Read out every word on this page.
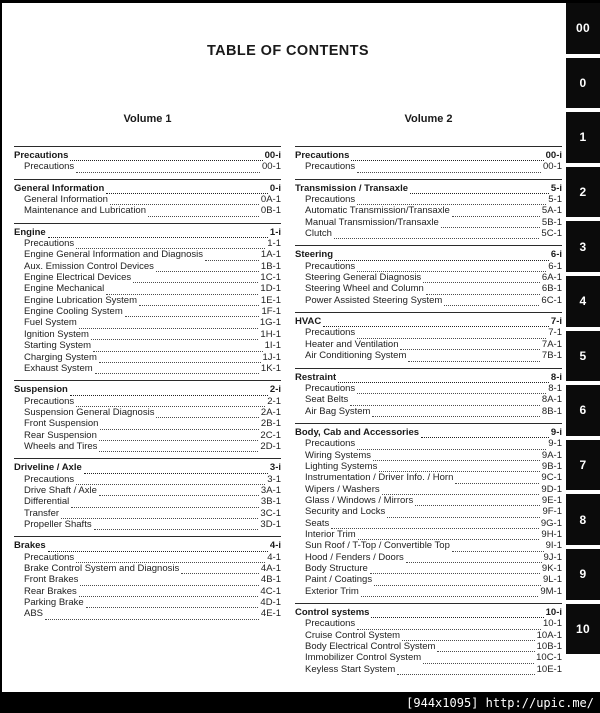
TABLE OF CONTENTS
Volume 1
Precautions	00-i
Precautions	00-1
General Information	0-i
General Information	0A-1
Maintenance and Lubrication	0B-1
Engine	1-i
Precautions	1-1
Engine General Information and Diagnosis	1A-1
Aux. Emission Control Devices	1B-1
Engine Electrical Devices	1C-1
Engine Mechanical	1D-1
Engine Lubrication System	1E-1
Engine Cooling System	1F-1
Fuel System	1G-1
Ignition System	1H-1
Starting System	1I-1
Charging System	1J-1
Exhaust System	1K-1
Suspension	2-i
Precautions	2-1
Suspension General Diagnosis	2A-1
Front Suspension	2B-1
Rear Suspension	2C-1
Wheels and Tires	2D-1
Driveline / Axle	3-i
Precautions	3-1
Drive Shaft / Axle	3A-1
Differential	3B-1
Transfer	3C-1
Propeller Shafts	3D-1
Brakes	4-i
Precautions	4-1
Brake Control System and Diagnosis	4A-1
Front Brakes	4B-1
Rear Brakes	4C-1
Parking Brake	4D-1
ABS	4E-1
Volume 2
Precautions	00-i
Precautions	00-1
Transmission / Transaxle	5-i
Precautions	5-1
Automatic Transmission/Transaxle	5A-1
Manual Transmission/Transaxle	5B-1
Clutch	5C-1
Steering	6-i
Precautions	6-1
Steering General Diagnosis	6A-1
Steering Wheel and Column	6B-1
Power Assisted Steering System	6C-1
HVAC	7-i
Precautions	7-1
Heater and Ventilation	7A-1
Air Conditioning System	7B-1
Restraint	8-i
Precautions	8-1
Seat Belts	8A-1
Air Bag System	8B-1
Body, Cab and Accessories	9-i
Precautions	9-1
Wiring Systems	9A-1
Lighting Systems	9B-1
Instrumentation / Driver Info. / Horn	9C-1
Wipers / Washers	9D-1
Glass / Windows / Mirrors	9E-1
Security and Locks	9F-1
Seats	9G-1
Interior Trim	9H-1
Sun Roof / T-Top / Convertible Top	9I-1
Hood / Fenders / Doors	9J-1
Body Structure	9K-1
Paint / Coatings	9L-1
Exterior Trim	9M-1
Control systems	10-i
Precautions	10-1
Cruise Control System	10A-1
Body Electrical Control System	10B-1
Immobilizer Control System	10C-1
Keyless Start System	10E-1
00
0
1
2
3
4
5
6
7
8
9
10
[944x1095] http://upic.me/
